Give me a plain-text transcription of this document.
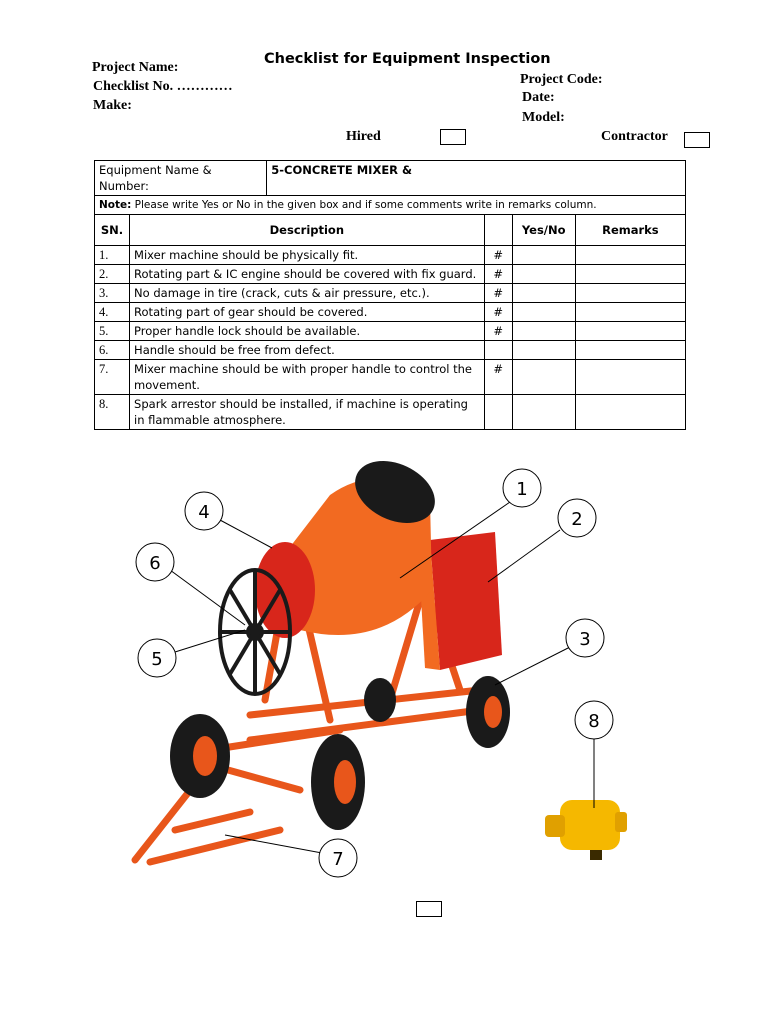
Checklist for Equipment Inspection
Project Name:
Checklist No. …………
Make:
Project Code:
Date:
Model:
Hired	Contractor
Equipment Name & Number:		5-CONCRETE MIXER &			
Note: Please write Yes or No in the given box and if some comments write in remarks column.					
SN.	Description			Yes/No	Remarks
1.	Mixer machine should be physically fit.		#		
2.	Rotating part & IC engine should be covered with fix guard.		#		
3.	No damage in tire (crack, cuts & air pressure, etc.).		#		
4.	Rotating part of gear should be covered.		#		
5.	Proper handle lock should be available.		#		
6.	Handle should be free from defect.				
7.	Mixer machine should be with proper handle to control the movement.		#		
8.	Spark arrestor should be installed, if machine is operating in flammable atmosphere.				
1
2
3
4
5
6
7
8
